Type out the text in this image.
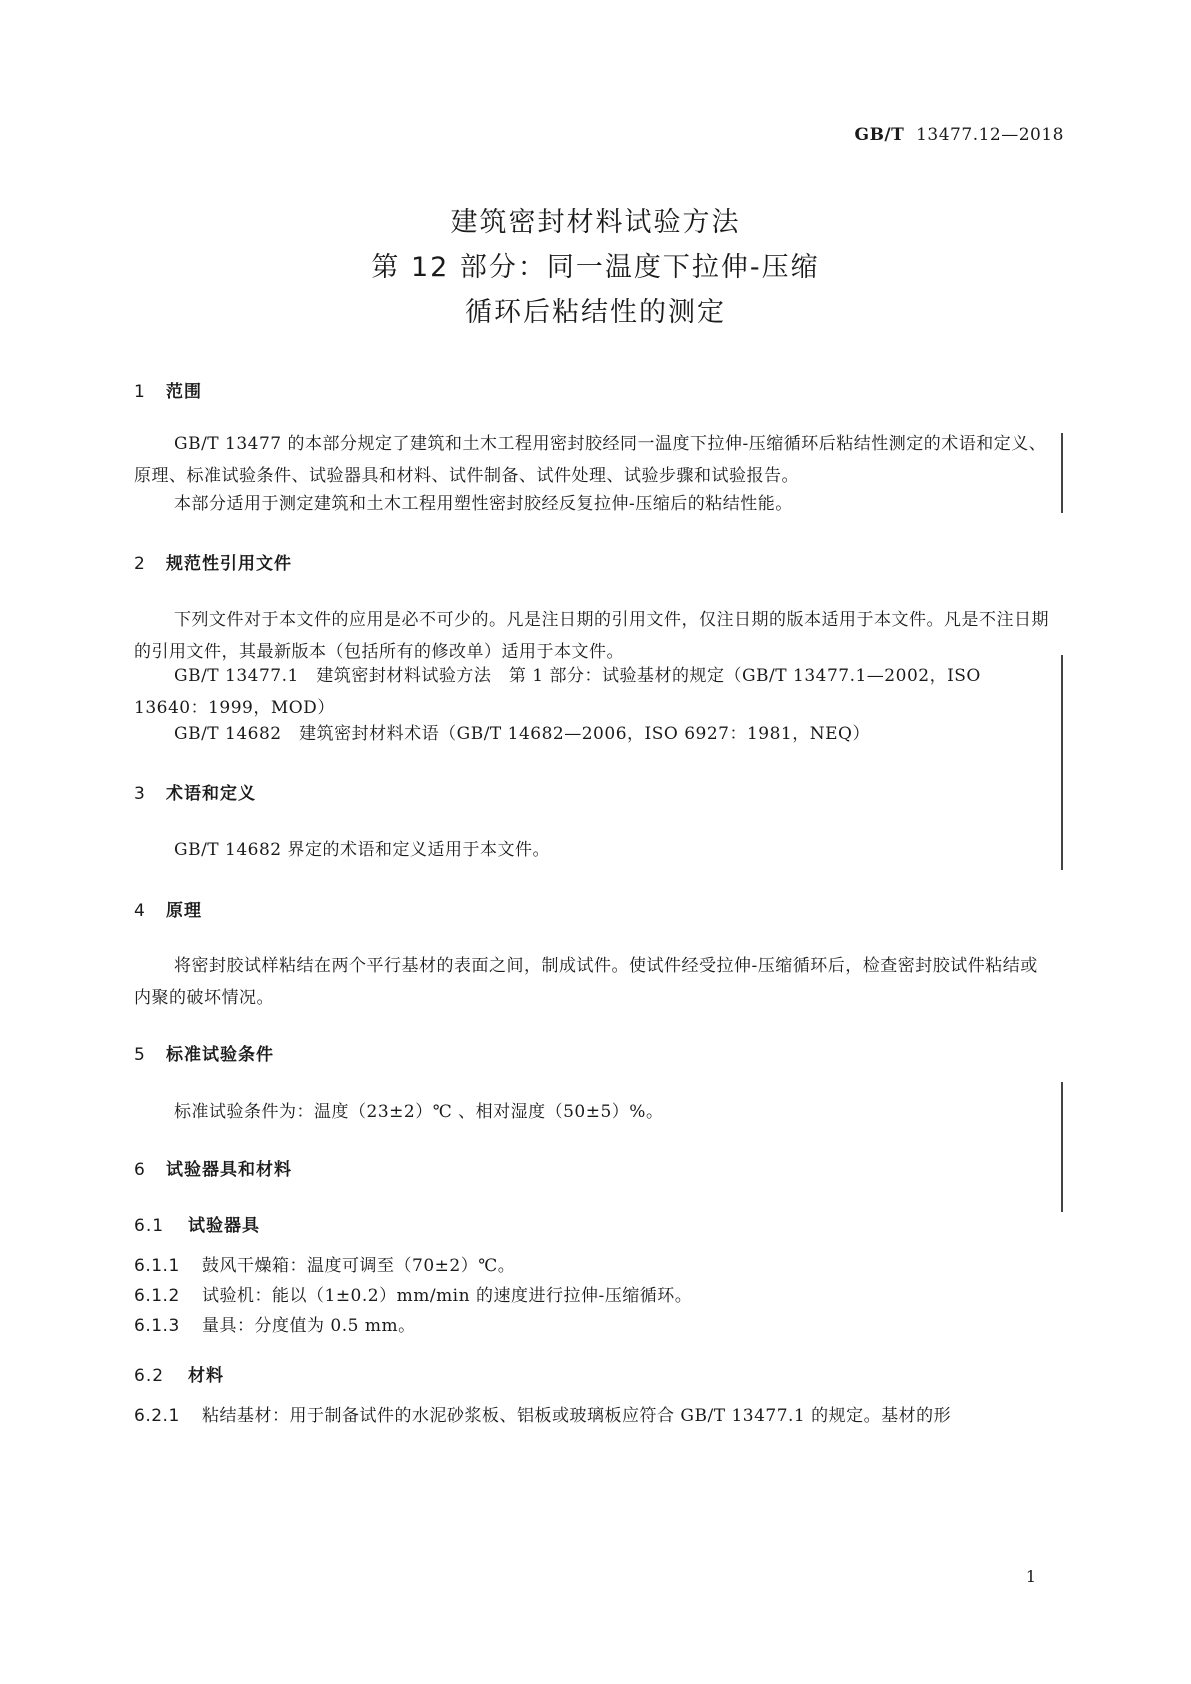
GB/T 13477.12—2018
建筑密封材料试验方法
第 12 部分：同一温度下拉伸-压缩
循环后粘结性的测定
1 范围
GB/T 13477 的本部分规定了建筑和土木工程用密封胶经同一温度下拉伸-压缩循环后粘结性测定的术语和定义、原理、标准试验条件、试验器具和材料、试件制备、试件处理、试验步骤和试验报告。
本部分适用于测定建筑和土木工程用塑性密封胶经反复拉伸-压缩后的粘结性能。
2 规范性引用文件
下列文件对于本文件的应用是必不可少的。凡是注日期的引用文件，仅注日期的版本适用于本文件。凡是不注日期的引用文件，其最新版本（包括所有的修改单）适用于本文件。
GB/T 13477.1　建筑密封材料试验方法　第 1 部分：试验基材的规定（GB/T 13477.1—2002，ISO 13640：1999，MOD）
GB/T 14682　建筑密封材料术语（GB/T 14682—2006，ISO 6927：1981，NEQ）
3 术语和定义
GB/T 14682 界定的术语和定义适用于本文件。
4 原理
将密封胶试样粘结在两个平行基材的表面之间，制成试件。使试件经受拉伸-压缩循环后，检查密封胶试件粘结或内聚的破坏情况。
5 标准试验条件
标准试验条件为：温度（23±2）℃ 、相对湿度（50±5）%。
6 试验器具和材料
6.1 试验器具
6.1.1 鼓风干燥箱：温度可调至（70±2）℃。
6.1.2 试验机：能以（1±0.2）mm/min 的速度进行拉伸-压缩循环。
6.1.3 量具：分度值为 0.5 mm。
6.2 材料
6.2.1 粘结基材：用于制备试件的水泥砂浆板、铝板或玻璃板应符合 GB/T 13477.1 的规定。基材的形
1
